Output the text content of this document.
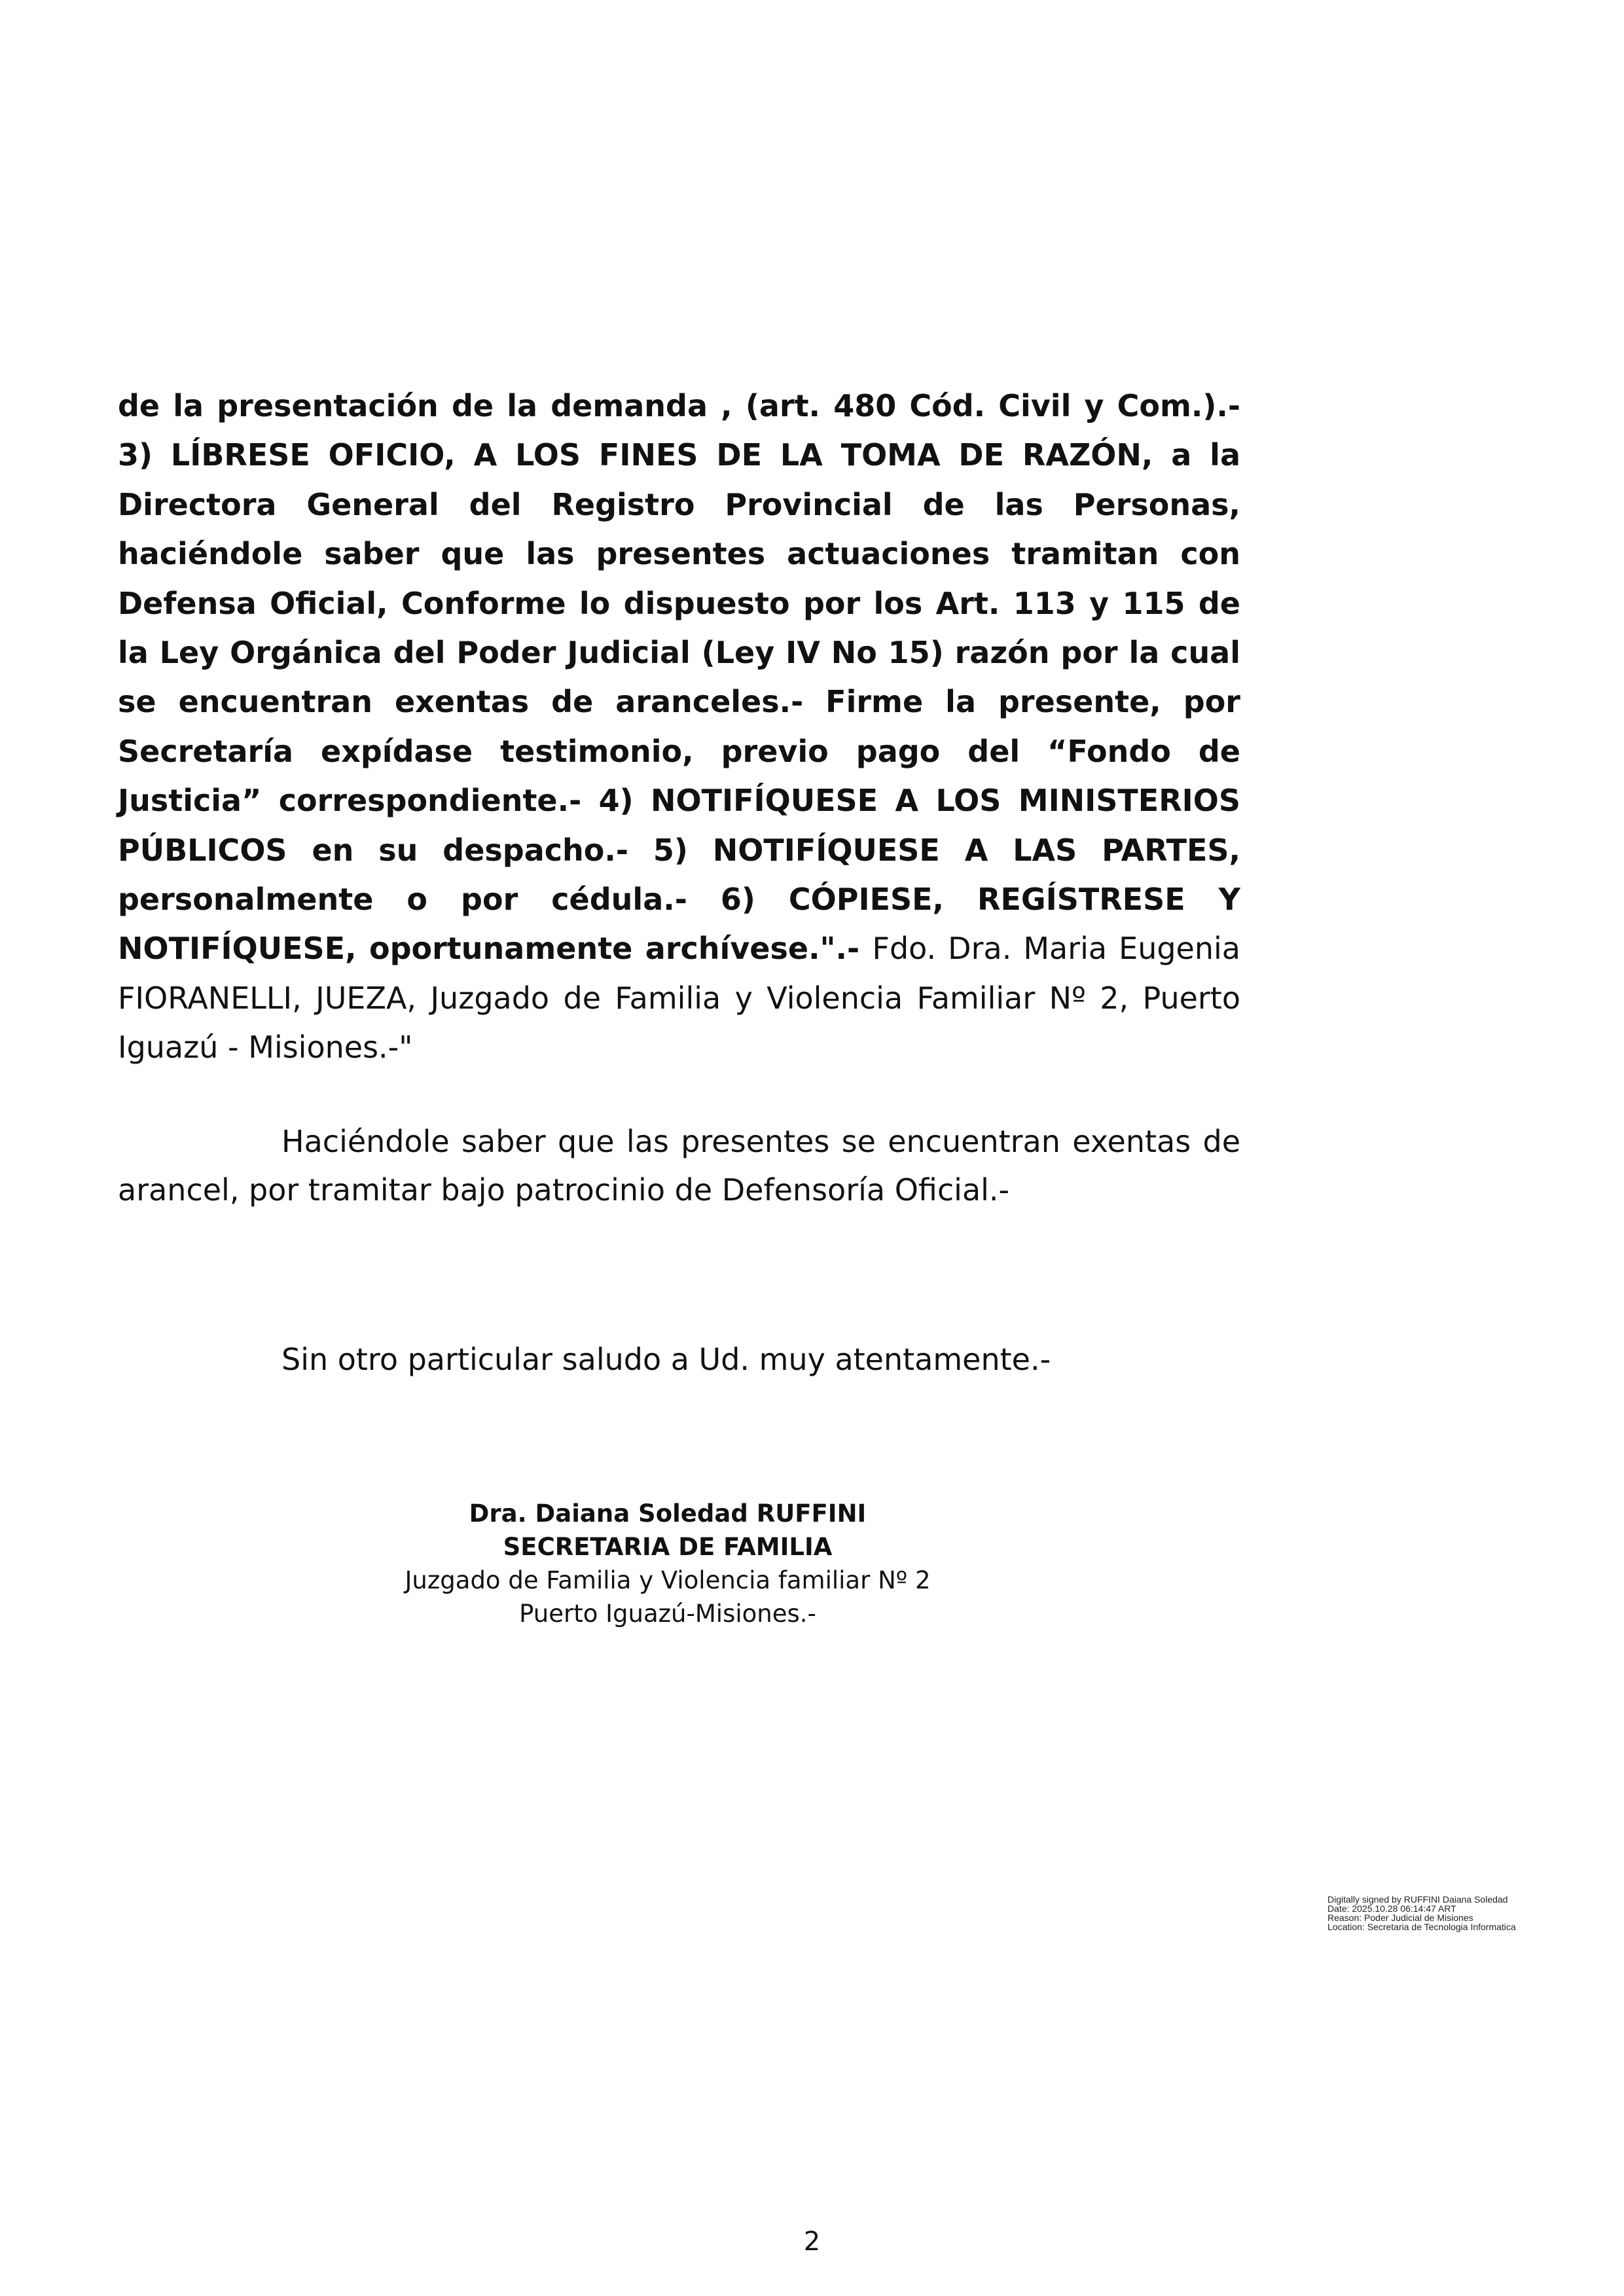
de la presentación de la demanda , (art. 480 Cód. Civil y Com.).- 3) LÍBRESE OFICIO, A LOS FINES DE LA TOMA DE RAZÓN, a la Directora General del Registro Provincial de las Personas, haciéndole saber que las presentes actuaciones tramitan con Defensa Oficial, Conforme lo dispuesto por los Art. 113 y 115 de la Ley Orgánica del Poder Judicial (Ley IV No 15) razón por la cual se encuentran exentas de aranceles.- Firme la presente, por Secretaría expídase testimonio, previo pago del “Fondo de Justicia” correspondiente.- 4) NOTIFÍQUESE A LOS MINISTERIOS PÚBLICOS en su despacho.- 5) NOTIFÍQUESE A LAS PARTES, personalmente o por cédula.- 6) CÓPIESE, REGÍSTRESE Y NOTIFÍQUESE, oportunamente archívese.".- Fdo. Dra. Maria Eugenia FIORANELLI, JUEZA, Juzgado de Familia y Violencia Familiar Nº 2, Puerto Iguazú - Misiones.-"

Haciéndole saber que las presentes se encuentran exentas de arancel, por tramitar bajo patrocinio de Defensoría Oficial.-

Sin otro particular saludo a Ud. muy atentamente.-

Dra. Daiana Soledad RUFFINI
SECRETARIA DE FAMILIA
Juzgado de Familia y Violencia familiar Nº 2
Puerto Iguazú-Misiones.-
Digitally signed by RUFFINI Daiana Soledad
Date: 2025.10.28 06:14:47 ART
Reason: Poder Judicial de Misiones
Location: Secretaria de Tecnologia Informatica
2
